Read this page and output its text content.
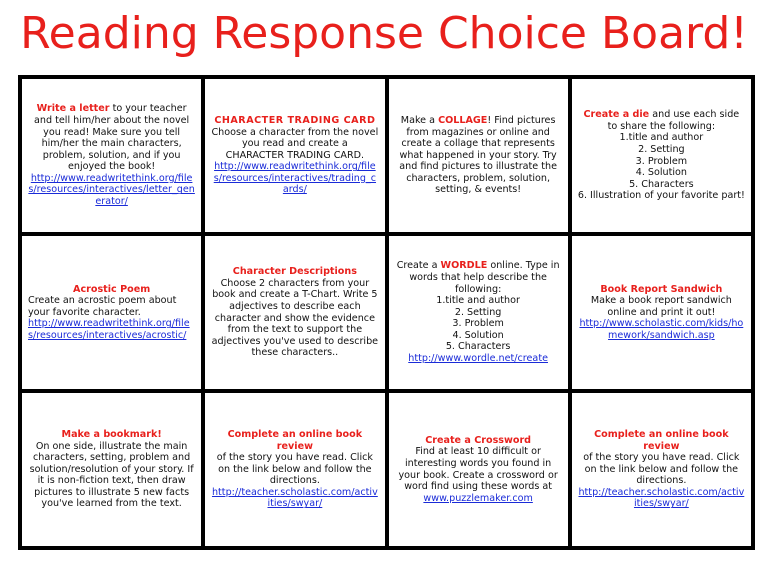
Reading Response Choice Board!

Write a letter to your teacher and tell him/her about the novel you read! Make sure you tell him/her the main characters, problem, solution, and if you enjoyed the book!

http://www.readwritethink.org/files/resources/interactives/letter_generator/

CHARACTER TRADING CARD

Choose a character from the novel you read and create a CHARACTER TRADING CARD.

http://www.readwritethink.org/files/resources/interactives/trading_cards/

Make a COLLAGE! Find pictures from magazines or online and create a collage that represents what happened in your story. Try and find pictures to illustrate the characters, problem, solution, setting, & events!

Create a die and use each side to share the following:

1.title and author

2. Setting

3. Problem

4. Solution

5. Characters

6. Illustration of your favorite part!

Acrostic Poem

Create an acrostic poem about your favorite character.

http://www.readwritethink.org/files/resources/interactives/acrostic/

Character Descriptions

Choose 2 characters from your book and create a T-Chart. Write 5 adjectives to describe each character and show the evidence from the text to support the adjectives you've used to describe these characters..

Create a WORDLE online. Type in words that help describe the following:

1.title and author

2. Setting

3. Problem

4. Solution

5. Characters

http://www.wordle.net/create

Book Report Sandwich

Make a book report sandwich online and print it out!

http://www.scholastic.com/kids/homework/sandwich.asp

Make a bookmark!

On one side, illustrate the main characters, setting, problem and solution/resolution of your story. If it is non-fiction text, then draw pictures to illustrate 5 new facts you've learned from the text.

Complete an online book review

of the story you have read. Click on the link below and follow the directions.

http://teacher.scholastic.com/activities/swyar/

Create a Crossword

Find at least 10 difficult or interesting words you found in your book. Create a crossword or word find using these words at

www.puzzlemaker.com

Complete an online book review

of the story you have read. Click on the link below and follow the directions.

http://teacher.scholastic.com/activities/swyar/
